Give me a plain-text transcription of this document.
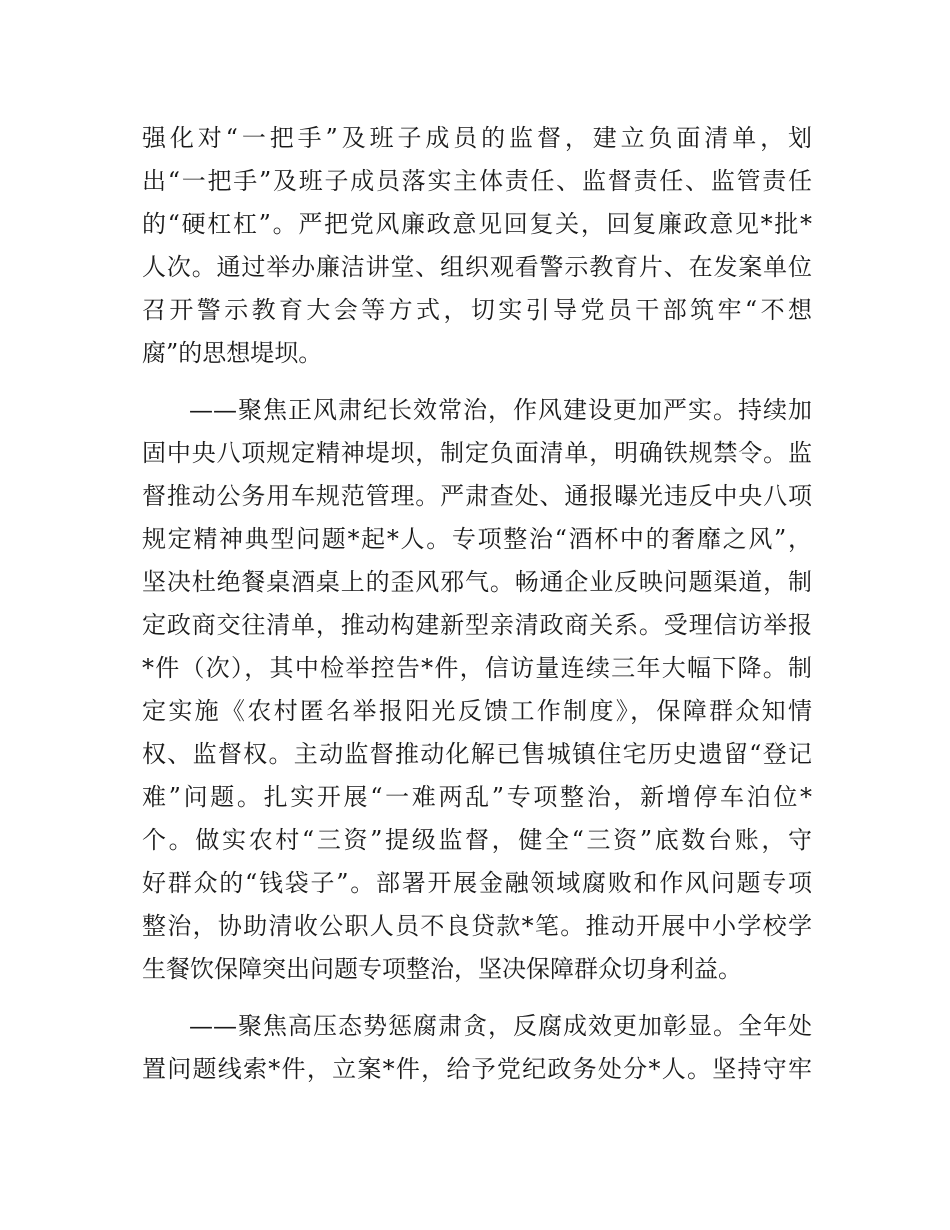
强化对“一把手”及班子成员的监督，建立负面清单，划
出“一把手”及班子成员落实主体责任、监督责任、监管责任
的“硬杠杠”。严把党风廉政意见回复关，回复廉政意见*批*
人次。通过举办廉洁讲堂、组织观看警示教育片、在发案单位
召开警示教育大会等方式，切实引导党员干部筑牢“不想
腐”的思想堤坝。
——聚焦正风肃纪长效常治，作风建设更加严实。持续加
固中央八项规定精神堤坝，制定负面清单，明确铁规禁令。监
督推动公务用车规范管理。严肃查处、通报曝光违反中央八项
规定精神典型问题*起*人。专项整治“酒杯中的奢靡之风”，
坚决杜绝餐桌酒桌上的歪风邪气。畅通企业反映问题渠道，制
定政商交往清单，推动构建新型亲清政商关系。受理信访举报
*件（次），其中检举控告*件，信访量连续三年大幅下降。制
定实施《农村匿名举报阳光反馈工作制度》，保障群众知情
权、监督权。主动监督推动化解已售城镇住宅历史遗留“登记
难”问题。扎实开展“一难两乱”专项整治，新增停车泊位*
个。做实农村“三资”提级监督，健全“三资”底数台账，守
好群众的“钱袋子”。部署开展金融领域腐败和作风问题专项
整治，协助清收公职人员不良贷款*笔。推动开展中小学校学
生餐饮保障突出问题专项整治，坚决保障群众切身利益。
——聚焦高压态势惩腐肃贪，反腐成效更加彰显。全年处
置问题线索*件，立案*件，给予党纪政务处分*人。坚持守牢
